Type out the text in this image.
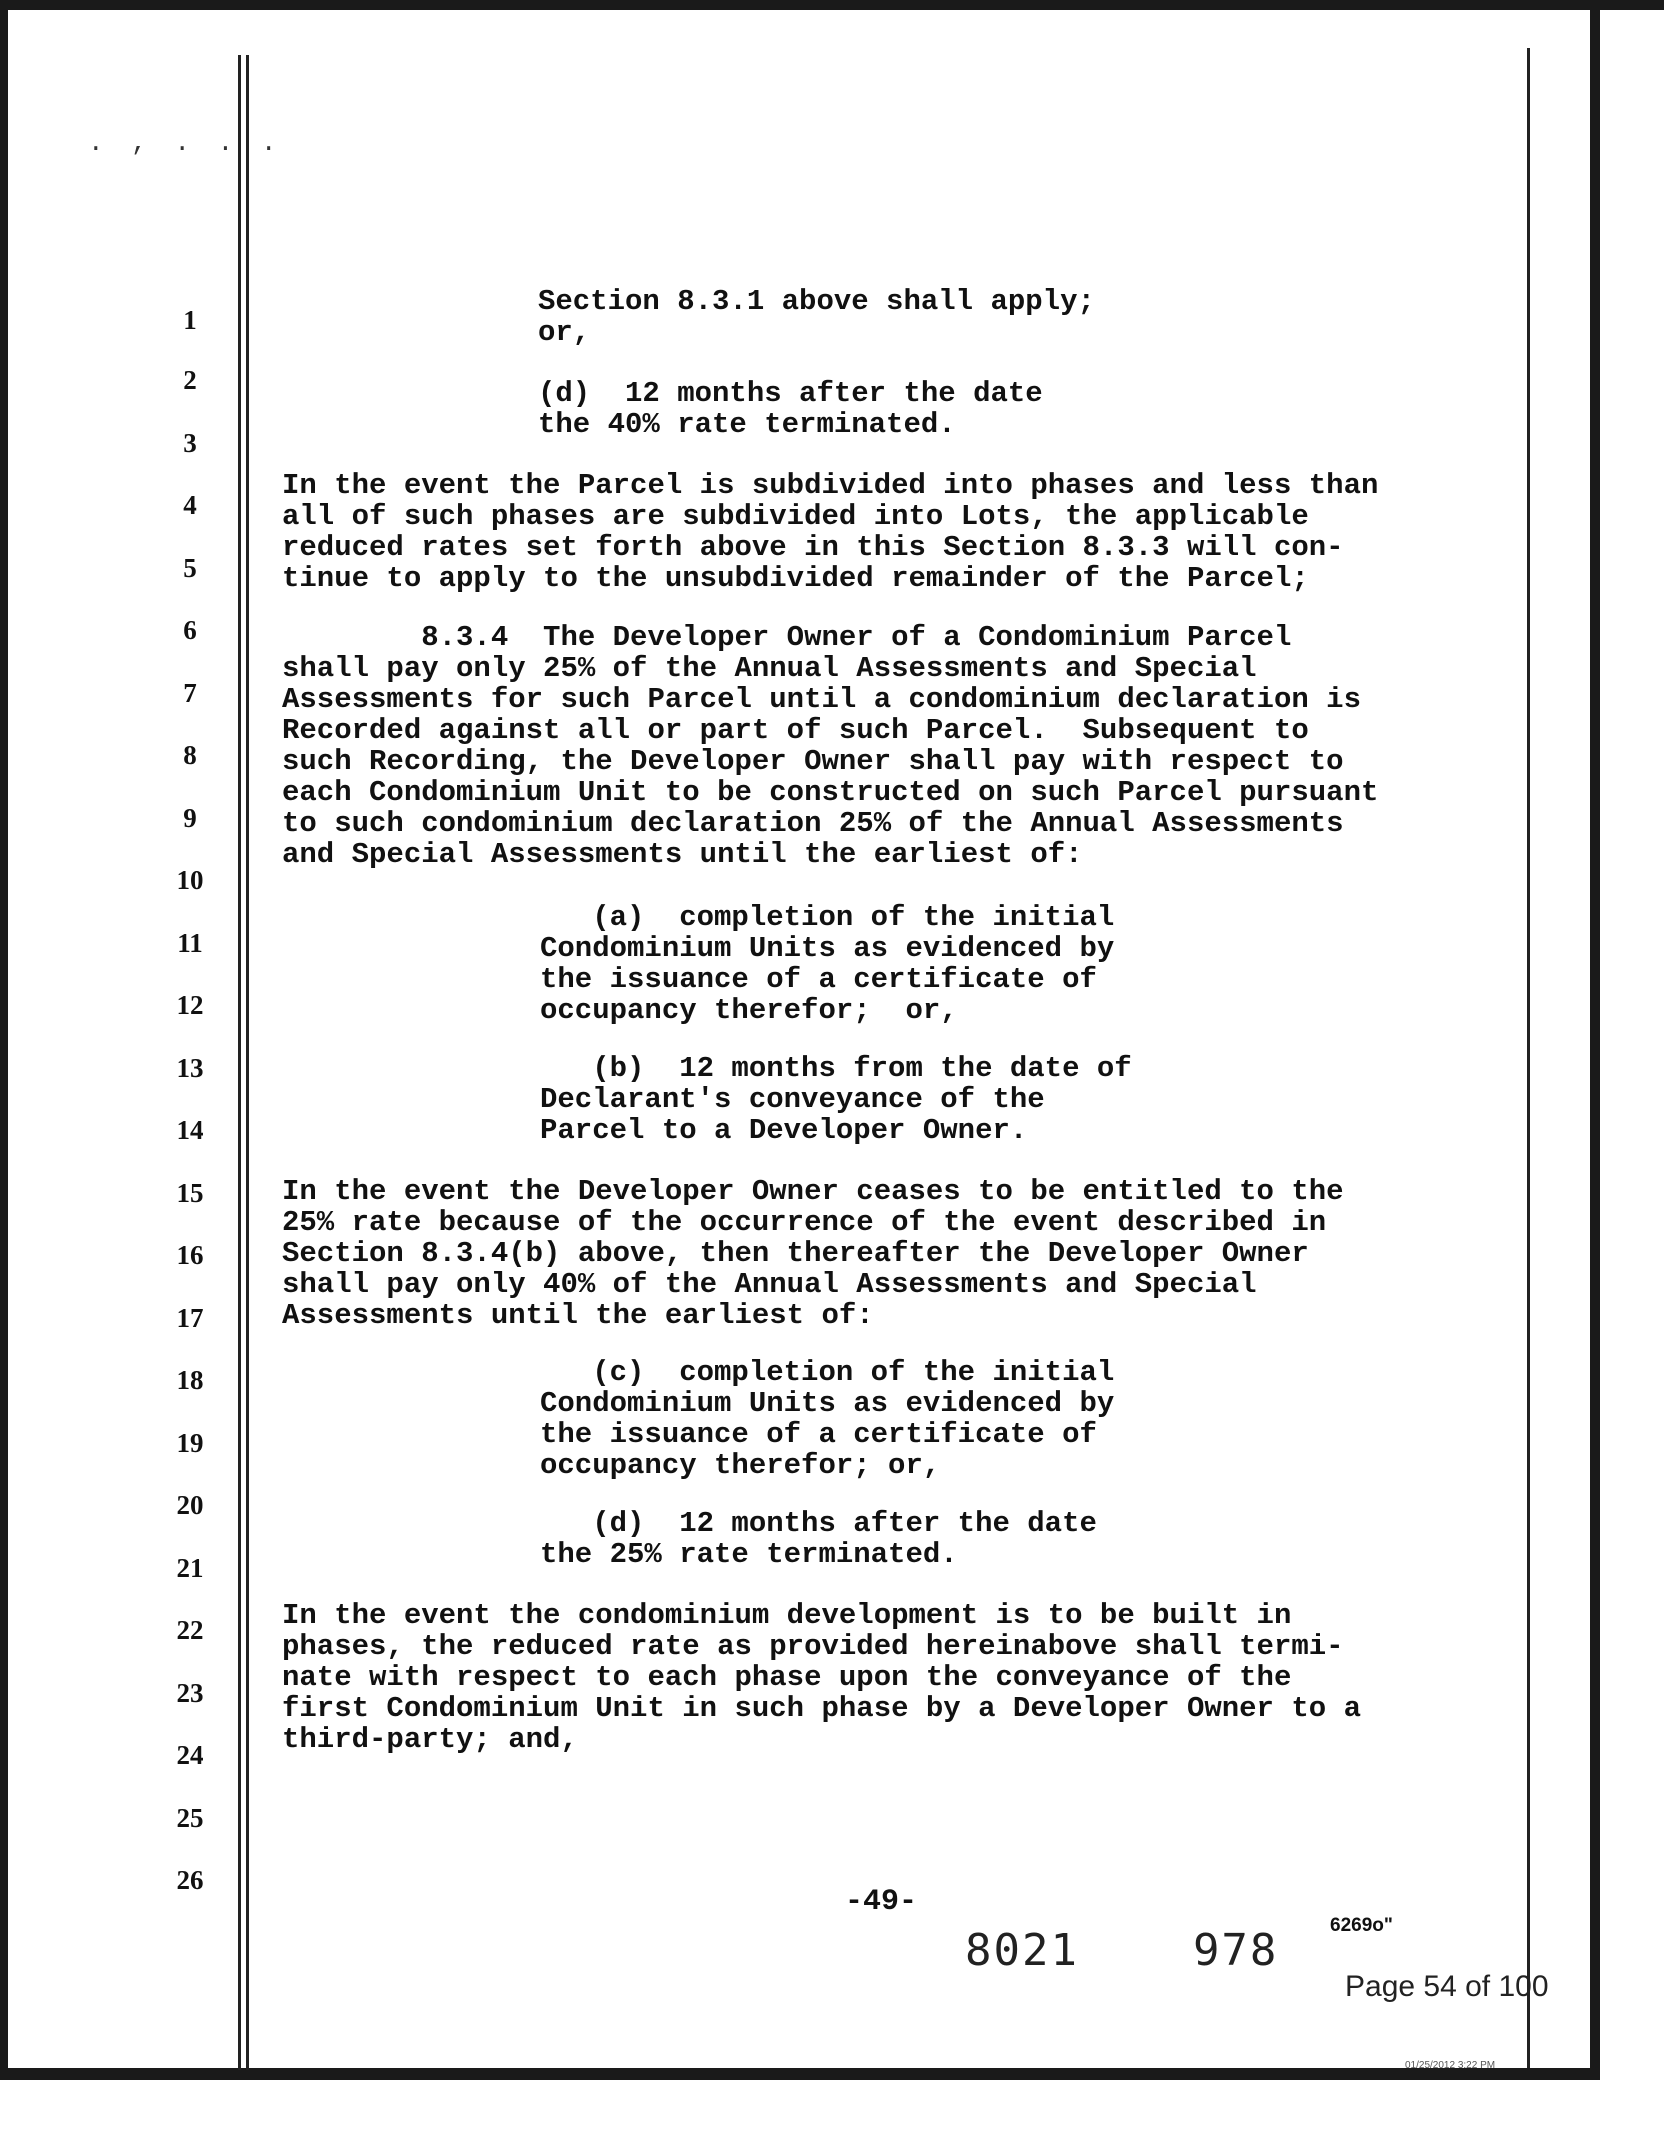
. , . . .
1
2
3
4
5
6
7
8
9
10
11
12
13
14
15
16
17
18
19
20
21
22
23
24
25
26
Section 8.3.1 above shall apply;
or,
(d)  12 months after the date
the 40% rate terminated.
In the event the Parcel is subdivided into phases and less than
all of such phases are subdivided into Lots, the applicable
reduced rates set forth above in this Section 8.3.3 will con-
tinue to apply to the unsubdivided remainder of the Parcel;
8.3.4  The Developer Owner of a Condominium Parcel
shall pay only 25% of the Annual Assessments and Special
Assessments for such Parcel until a condominium declaration is
Recorded against all or part of such Parcel.  Subsequent to
such Recording, the Developer Owner shall pay with respect to
each Condominium Unit to be constructed on such Parcel pursuant
to such condominium declaration 25% of the Annual Assessments
and Special Assessments until the earliest of:
(a)  completion of the initial
Condominium Units as evidenced by
the issuance of a certificate of
occupancy therefor;  or,
(b)  12 months from the date of
Declarant's conveyance of the
Parcel to a Developer Owner.
In the event the Developer Owner ceases to be entitled to the
25% rate because of the occurrence of the event described in
Section 8.3.4(b) above, then thereafter the Developer Owner
shall pay only 40% of the Annual Assessments and Special
Assessments until the earliest of:
(c)  completion of the initial
Condominium Units as evidenced by
the issuance of a certificate of
occupancy therefor; or,
(d)  12 months after the date
the 25% rate terminated.
In the event the condominium development is to be built in
phases, the reduced rate as provided hereinabove shall termi-
nate with respect to each phase upon the conveyance of the
first Condominium Unit in such phase by a Developer Owner to a
third-party; and,
-49-
8021	978	6269o"
Page 54 of 100
01/25/2012 3:22 PM
